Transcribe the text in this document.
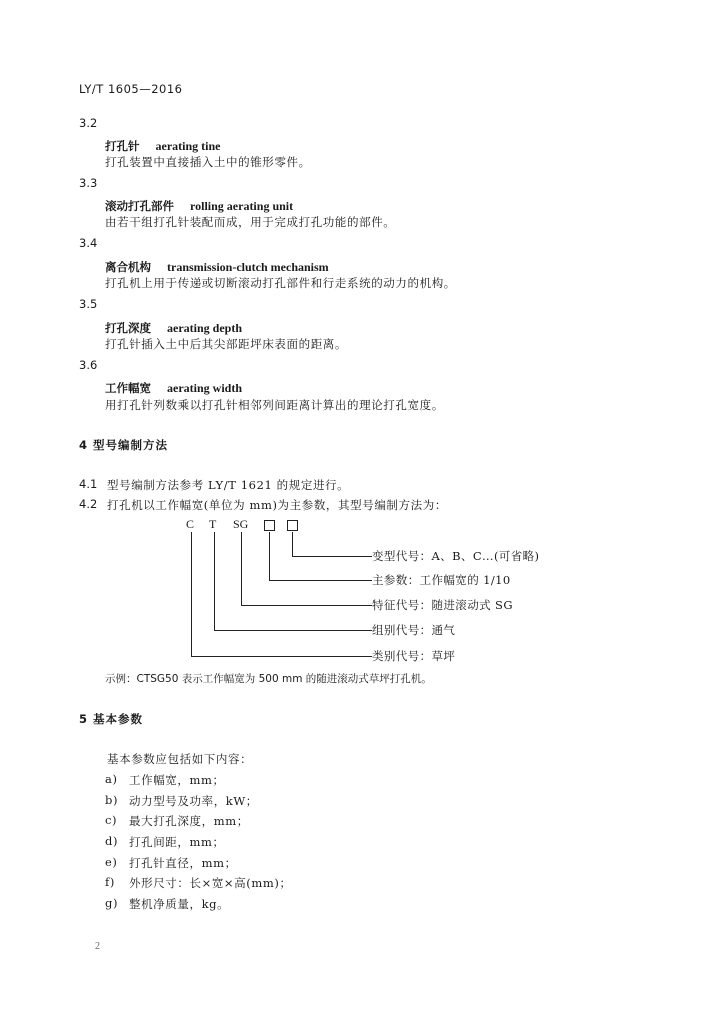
LY/T 1605—2016
3.2
打孔针 aerating tine
打孔装置中直接插入土中的锥形零件。
3.3
滚动打孔部件 rolling aerating unit
由若干组打孔针装配而成，用于完成打孔功能的部件。
3.4
离合机构 transmission-clutch mechanism
打孔机上用于传递或切断滚动打孔部件和行走系统的动力的机构。
3.5
打孔深度 aerating depth
打孔针插入土中后其尖部距坪床表面的距离。
3.6
工作幅宽 aerating width
用打孔针列数乘以打孔针相邻列间距离计算出的理论打孔宽度。
4 型号编制方法
4.1 型号编制方法参考 LY/T 1621 的规定进行。
4.2 打孔机以工作幅宽(单位为 mm)为主参数，其型号编制方法为：
C T SG
变型代号：A、B、C…(可省略)
主参数：工作幅宽的 1/10
特征代号：随进滚动式 SG
组别代号：通气
类别代号：草坪
示例：CTSG50 表示工作幅宽为 500 mm 的随进滚动式草坪打孔机。
5 基本参数
基本参数应包括如下内容：
a) 工作幅宽，mm；
b) 动力型号及功率，kW；
c) 最大打孔深度，mm；
d) 打孔间距，mm；
e) 打孔针直径，mm；
f) 外形尺寸：长×宽×高(mm)；
g) 整机净质量，kg。
2
